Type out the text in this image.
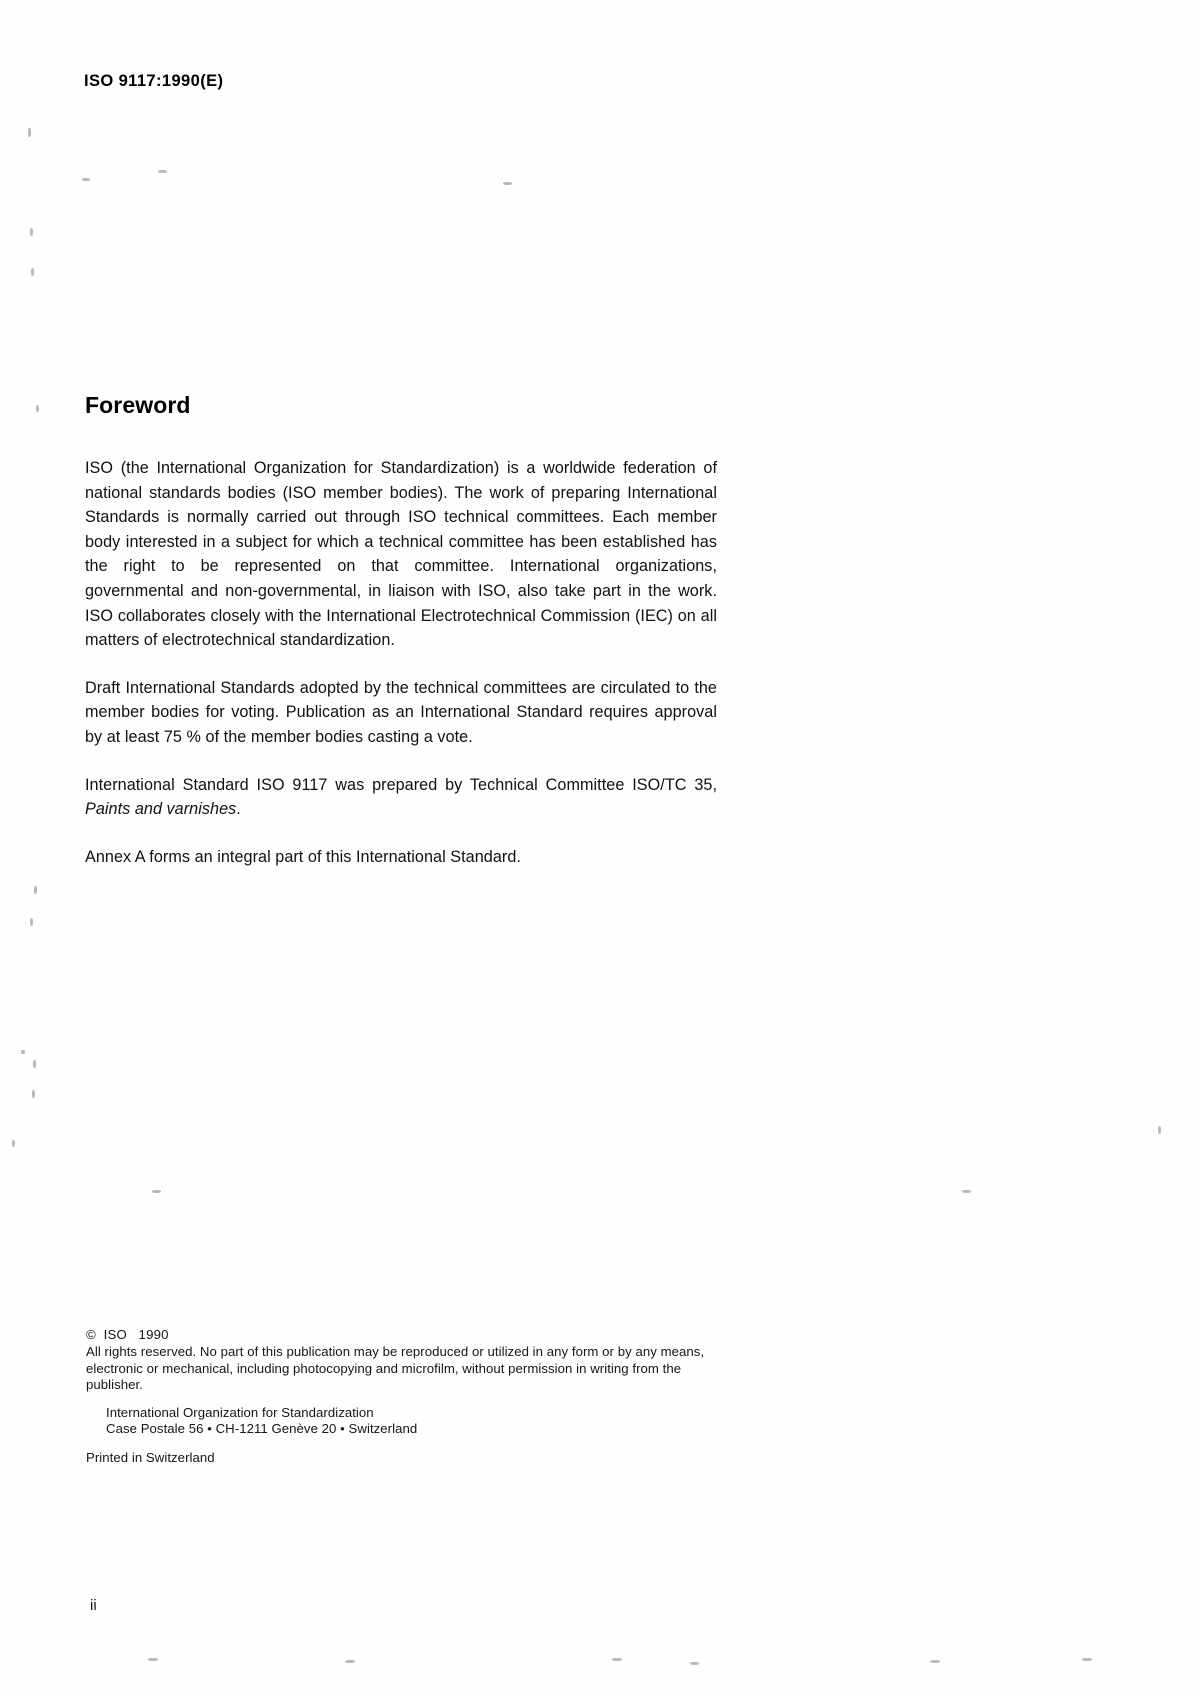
ISO 9117:1990(E)
Foreword

ISO (the International Organization for Standardization) is a worldwide federation of national standards bodies (ISO member bodies). The work of preparing International Standards is normally carried out through ISO technical committees. Each member body interested in a subject for which a technical committee has been established has the right to be represented on that committee. International organizations, governmental and non-governmental, in liaison with ISO, also take part in the work. ISO collaborates closely with the International Electrotechnical Commission (IEC) on all matters of electrotechnical standardization.

Draft International Standards adopted by the technical committees are circulated to the member bodies for voting. Publication as an International Standard requires approval by at least 75 % of the member bodies casting a vote.

International Standard ISO 9117 was prepared by Technical Committee ISO/TC 35, Paints and varnishes.

Annex A forms an integral part of this International Standard.

©  ISO   1990
All rights reserved. No part of this publication may be reproduced or utilized in any form or by any means, electronic or mechanical, including photocopying and microfilm, without permission in writing from the publisher.
International Organization for Standardization
Case Postale 56 • CH-1211 Genève 20 • Switzerland
Printed in Switzerland
ii
